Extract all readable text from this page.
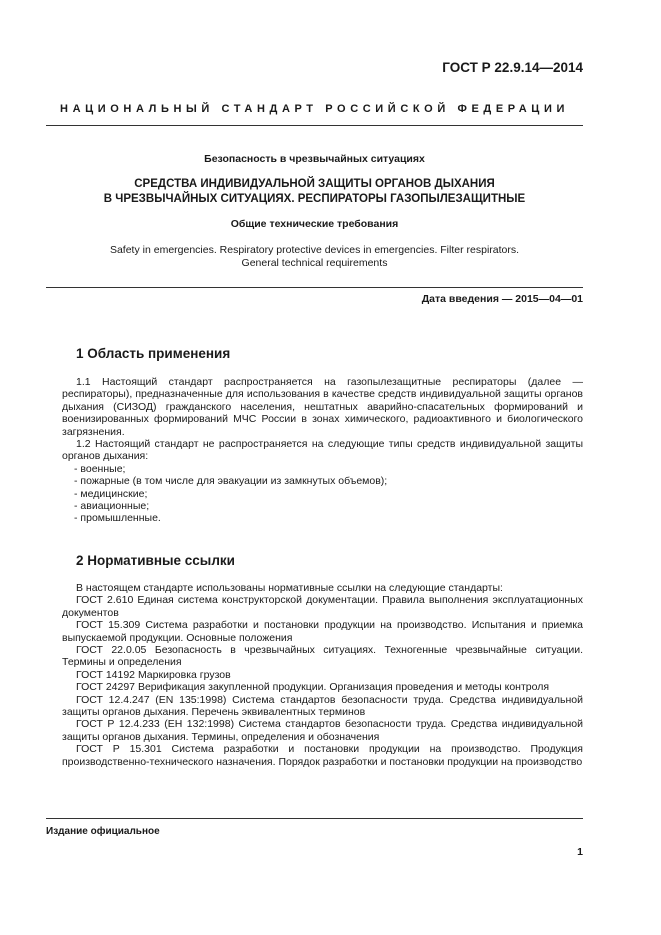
ГОСТ Р 22.9.14—2014
НАЦИОНАЛЬНЫЙ СТАНДАРТ РОССИЙСКОЙ ФЕДЕРАЦИИ
Безопасность в чрезвычайных ситуациях
СРЕДСТВА ИНДИВИДУАЛЬНОЙ ЗАЩИТЫ ОРГАНОВ ДЫХАНИЯ
В ЧРЕЗВЫЧАЙНЫХ СИТУАЦИЯХ. РЕСПИРАТОРЫ ГАЗОПЫЛЕЗАЩИТНЫЕ
Общие технические требования
Safety in emergencies. Respiratory protective devices in emergencies. Filter respirators.
General technical requirements
Дата введения — 2015—04—01
1 Область применения

1.1 Настоящий стандарт распространяется на газопылезащитные респираторы (далее — респираторы), предназначенные для использования в качестве средств индивидуальной защиты органов дыхания (СИЗОД) гражданского населения, нештатных аварийно-спасательных формирований и военизированных формирований МЧС России в зонах химического, радиоактивного и биологического загрязнения.

1.2 Настоящий стандарт не распространяется на следующие типы средств индивидуальной защиты органов дыхания:

- военные;
- пожарные (в том числе для эвакуации из замкнутых объемов);
- медицинские;
- авиационные;
- промышленные.
2 Нормативные ссылки

В настоящем стандарте использованы нормативные ссылки на следующие стандарты:

ГОСТ 2.610 Единая система конструкторской документации. Правила выполнения эксплуатационных документов

ГОСТ 15.309 Система разработки и постановки продукции на производство. Испытания и приемка выпускаемой продукции. Основные положения

ГОСТ 22.0.05 Безопасность в чрезвычайных ситуациях. Техногенные чрезвычайные ситуации. Термины и определения

ГОСТ 14192 Маркировка грузов

ГОСТ 24297 Верификация закупленной продукции. Организация проведения и методы контроля

ГОСТ 12.4.247 (EN 135:1998) Система стандартов безопасности труда. Средства индивидуальной защиты органов дыхания. Перечень эквивалентных терминов

ГОСТ Р 12.4.233 (ЕН 132:1998) Система стандартов безопасности труда. Средства индивидуальной защиты органов дыхания. Термины, определения и обозначения

ГОСТ Р 15.301 Система разработки и постановки продукции на производство. Продукция производственно-технического назначения. Порядок разработки и постановки продукции на производство

Издание официальное
1
